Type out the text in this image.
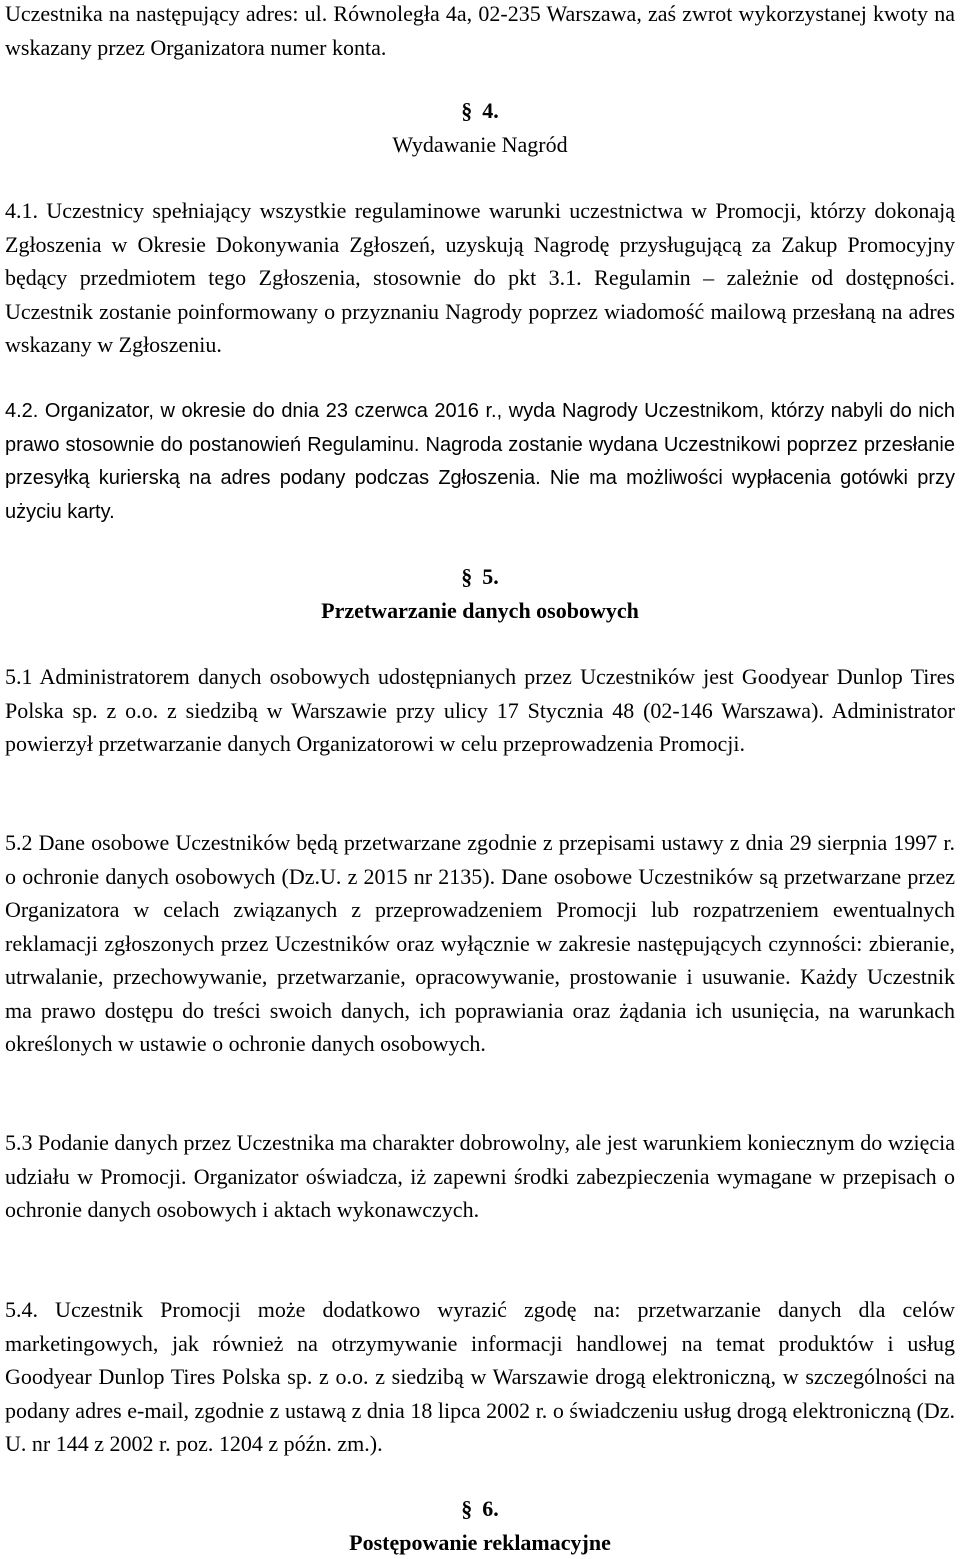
Uczestnika na następujący adres: ul. Równoległa 4a, 02-235 Warszawa, zaś zwrot wykorzystanej kwoty na wskazany przez Organizatora numer konta.

§ 4.
Wydawanie Nagród

4.1. Uczestnicy spełniający wszystkie regulaminowe warunki uczestnictwa w Promocji, którzy dokonają Zgłoszenia w Okresie Dokonywania Zgłoszeń, uzyskują Nagrodę przysługującą za Zakup Promocyjny będący przedmiotem tego Zgłoszenia, stosownie do pkt 3.1. Regulamin – zależnie od dostępności. Uczestnik zostanie poinformowany o przyznaniu Nagrody poprzez wiadomość mailową przesłaną na adres wskazany w Zgłoszeniu.

4.2. Organizator, w okresie do dnia 23 czerwca 2016 r., wyda Nagrody Uczestnikom, którzy nabyli do nich prawo stosownie do postanowień Regulaminu. Nagroda zostanie wydana Uczestnikowi poprzez przesłanie przesyłką kurierską na adres podany podczas Zgłoszenia. Nie ma możliwości wypłacenia gotówki przy użyciu karty.

§ 5.
Przetwarzanie danych osobowych

5.1 Administratorem danych osobowych udostępnianych przez Uczestników jest Goodyear Dunlop Tires Polska sp. z o.o. z siedzibą w Warszawie przy ulicy 17 Stycznia 48 (02-146 Warszawa). Administrator powierzył przetwarzanie danych Organizatorowi w celu przeprowadzenia Promocji.

5.2 Dane osobowe Uczestników będą przetwarzane zgodnie z przepisami ustawy z dnia 29 sierpnia 1997 r. o ochronie danych osobowych (Dz.U. z 2015 nr 2135). Dane osobowe Uczestników są przetwarzane przez Organizatora w celach związanych z przeprowadzeniem Promocji lub rozpatrzeniem ewentualnych reklamacji zgłoszonych przez Uczestników oraz wyłącznie w zakresie następujących czynności: zbieranie, utrwalanie, przechowywanie, przetwarzanie, opracowywanie, prostowanie i usuwanie. Każdy Uczestnik ma prawo dostępu do treści swoich danych, ich poprawiania oraz żądania ich usunięcia, na warunkach określonych w ustawie o ochronie danych osobowych.

5.3 Podanie danych przez Uczestnika ma charakter dobrowolny, ale jest warunkiem koniecznym do wzięcia udziału w Promocji. Organizator oświadcza, iż zapewni środki zabezpieczenia wymagane w przepisach o ochronie danych osobowych i aktach wykonawczych.

5.4. Uczestnik Promocji może dodatkowo wyrazić zgodę na: przetwarzanie danych dla celów marketingowych, jak również na otrzymywanie informacji handlowej na temat produktów i usług Goodyear Dunlop Tires Polska sp. z o.o. z siedzibą w Warszawie drogą elektroniczną, w szczególności na podany adres e-mail, zgodnie z ustawą z dnia 18 lipca 2002 r. o świadczeniu usług drogą elektroniczną (Dz. U. nr 144 z 2002 r. poz. 1204 z późn. zm.).

§ 6.
Postępowanie reklamacyjne
